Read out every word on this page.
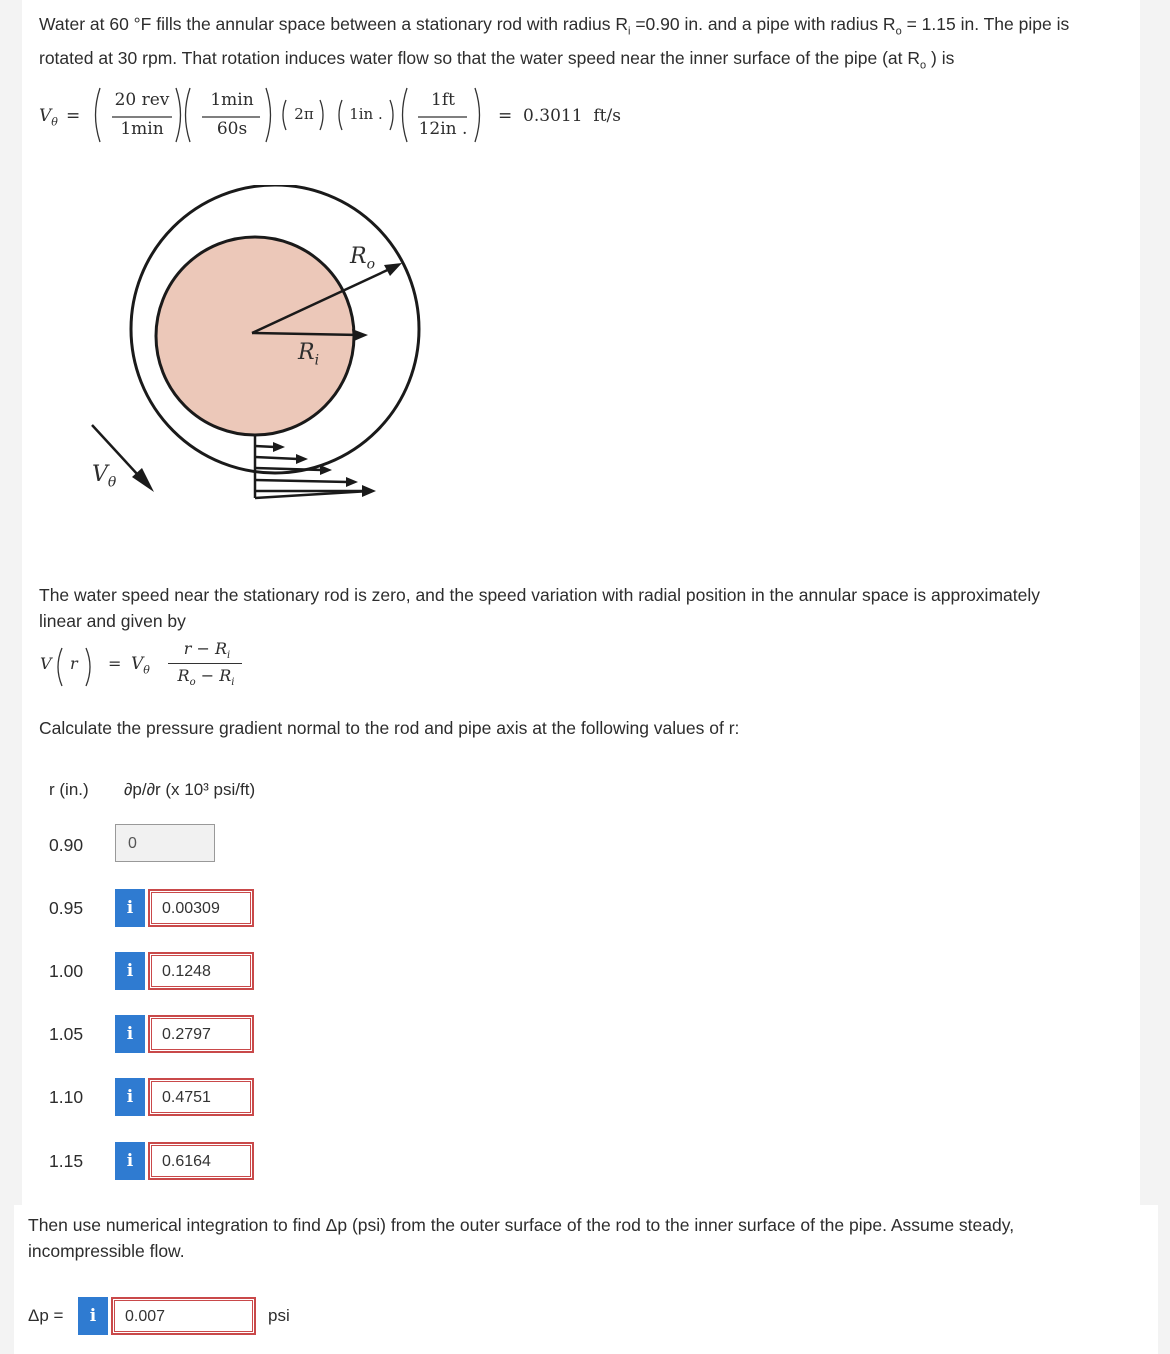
Water at 60 °F fills the annular space between a stationary rod with radius $R_i =0.90$ in. and a pipe with radius $R_o = 1.15$ in. The pipe is
rotated at 30 rpm. That rotation induces water flow so that the water speed near the inner surface of the pipe (at $R_o$ ) is
$V_\theta$ =
20 rev
1min
1min
60s
2π	1in .
1ft
12in .
=  0.3011  ft/s
$R_o$
$R_i$
$V_\theta$
The water speed near the stationary rod is zero, and the speed variation with radial position in the annular space is approximately
linear and given by
V $r = V_\theta$
$r - R_i$
$R_o - R_i$
Calculate the pressure gradient normal to the rod and pipe axis at the following values of r:
r (in.) ∂p/∂r (x 10³ psi/ft)
0.90	0
0.95	i	0.00309
1.00	i	0.1248
1.05	i	0.2797
1.10	i	0.4751
1.15	i	0.6164
Then use numerical integration to find Δp (psi) from the outer surface of the rod to the inner surface of the pipe. Assume steady,
incompressible flow.
Δp =	i	0.007	psi
